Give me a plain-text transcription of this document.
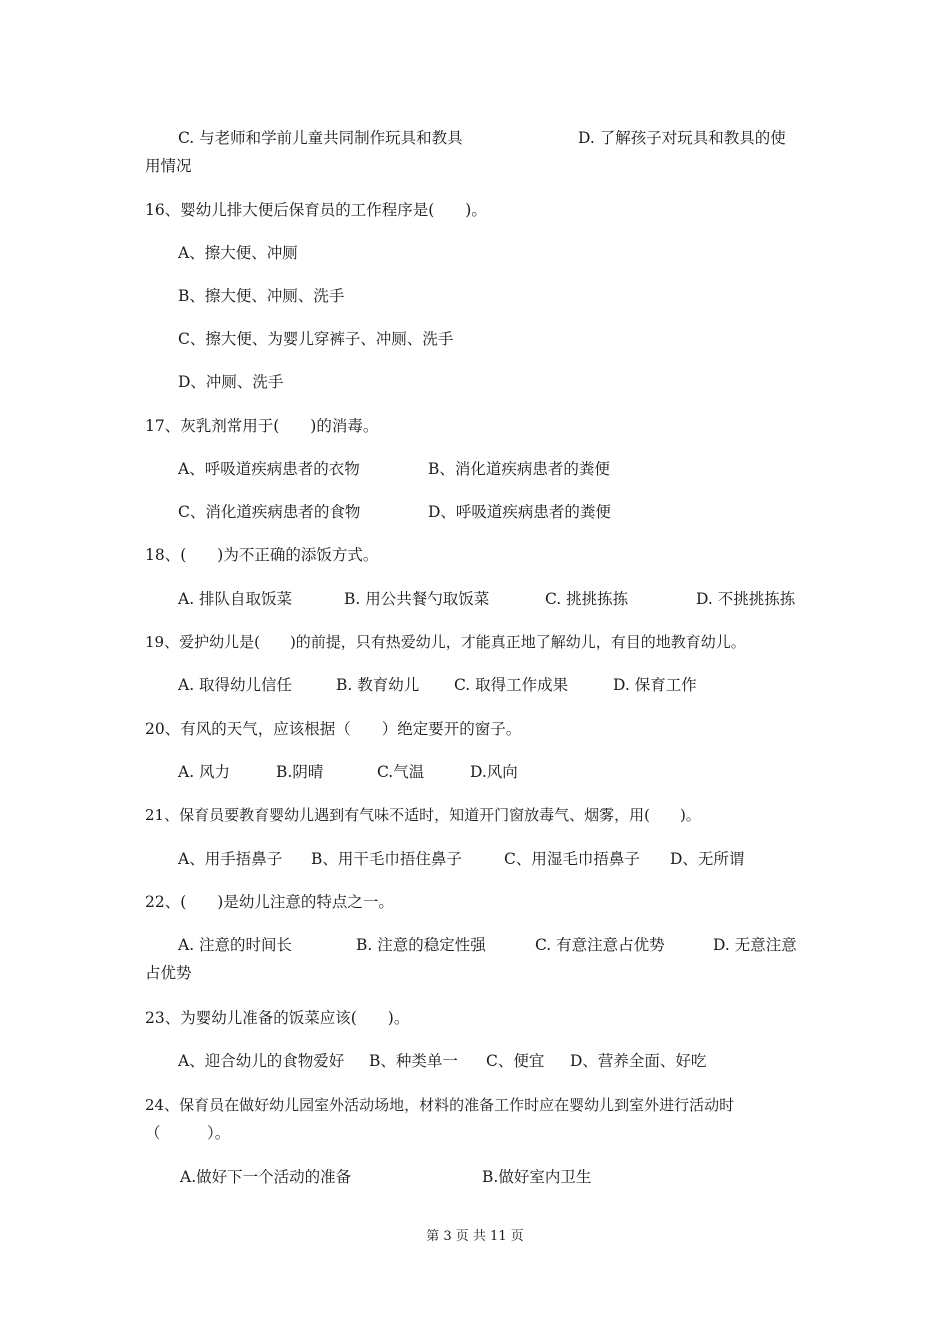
C. 与老师和学前儿童共同制作玩具和教具	D. 了解孩子对玩具和教具的使
用情况
16、婴幼儿排大便后保育员的工作程序是(　　)。
A、擦大便、冲厕
B、擦大便、冲厕、洗手
C、擦大便、为婴儿穿裤子、冲厕、洗手
D、冲厕、洗手
17、灰乳剂常用于(　　)的消毒。
A、呼吸道疾病患者的衣物	B、消化道疾病患者的粪便
C、消化道疾病患者的食物	D、呼吸道疾病患者的粪便
18、(　　)为不正确的添饭方式。
A. 排队自取饭菜	B. 用公共餐勺取饭菜	C. 挑挑拣拣	D. 不挑挑拣拣
19、爱护幼儿是(　　)的前提，只有热爱幼儿，才能真正地了解幼儿，有目的地教育幼儿。
A. 取得幼儿信任	B. 教育幼儿 C. 取得工作成果	D. 保育工作
20、有风的天气，应该根据（　　）绝定要开的窗子。
A. 风力	B.阴晴	C.气温	D.风向
21、保育员要教育婴幼儿遇到有气味不适时，知道开门窗放毒气、烟雾，用(　　)。
A、用手捂鼻子 B、用干毛巾捂住鼻子	C、用湿毛巾捂鼻子 D、无所谓
22、(　　)是幼儿注意的特点之一。
A. 注意的时间长	B. 注意的稳定性强	C. 有意注意占优势	D. 无意注意
占优势
23、为婴幼儿准备的饭菜应该(　　)。
A、迎合幼儿的食物爱好 B、种类单一 C、便宜 D、营养全面、好吃
24、保育员在做好幼儿园室外活动场地，材料的准备工作时应在婴幼儿到室外进行活动时
（　　　）。
A.做好下一个活动的准备	B.做好室内卫生
第 3 页 共 11 页
